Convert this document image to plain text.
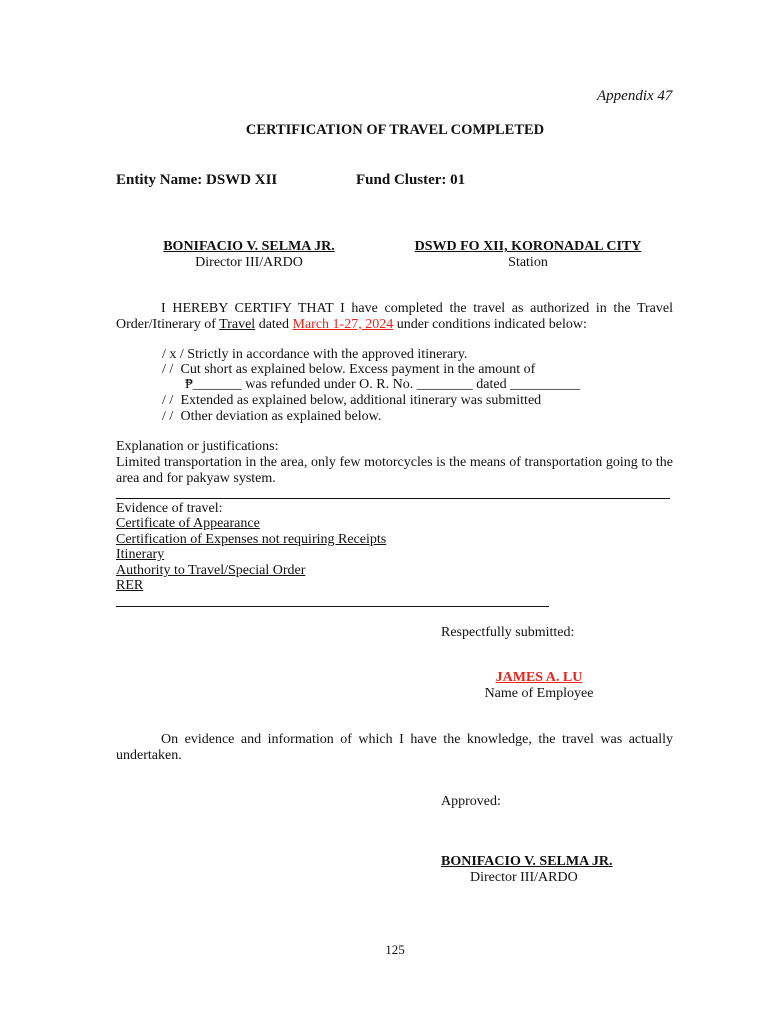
Appendix 47
CERTIFICATION OF TRAVEL COMPLETED
Entity Name: DSWD XII	Fund Cluster: 01
BONIFACIO V. SELMA JR.
Director III/ARDO
DSWD FO XII, KORONADAL CITY
Station
I HEREBY CERTIFY THAT I have completed the travel as authorized in the Travel Order/Itinerary of Travel dated March 1-27, 2024 under conditions indicated below:
/ x / Strictly in accordance with the approved itinerary.
/ / Cut short as explained below. Excess payment in the amount of
₱_______ was refunded under O. R. No. ________ dated __________
/ / Extended as explained below, additional itinerary was submitted
/ / Other deviation as explained below.
Explanation or justifications:
Limited transportation in the area, only few motorcycles is the means of transportation going to the area and for pakyaw system.
Evidence of travel:
Certificate of Appearance
Certification of Expenses not requiring Receipts
Itinerary
Authority to Travel/Special Order
RER
Respectfully submitted:
JAMES A. LU
Name of Employee
On evidence and information of which I have the knowledge, the travel was actually undertaken.
Approved:
BONIFACIO V. SELMA JR.
Director III/ARDO
125
